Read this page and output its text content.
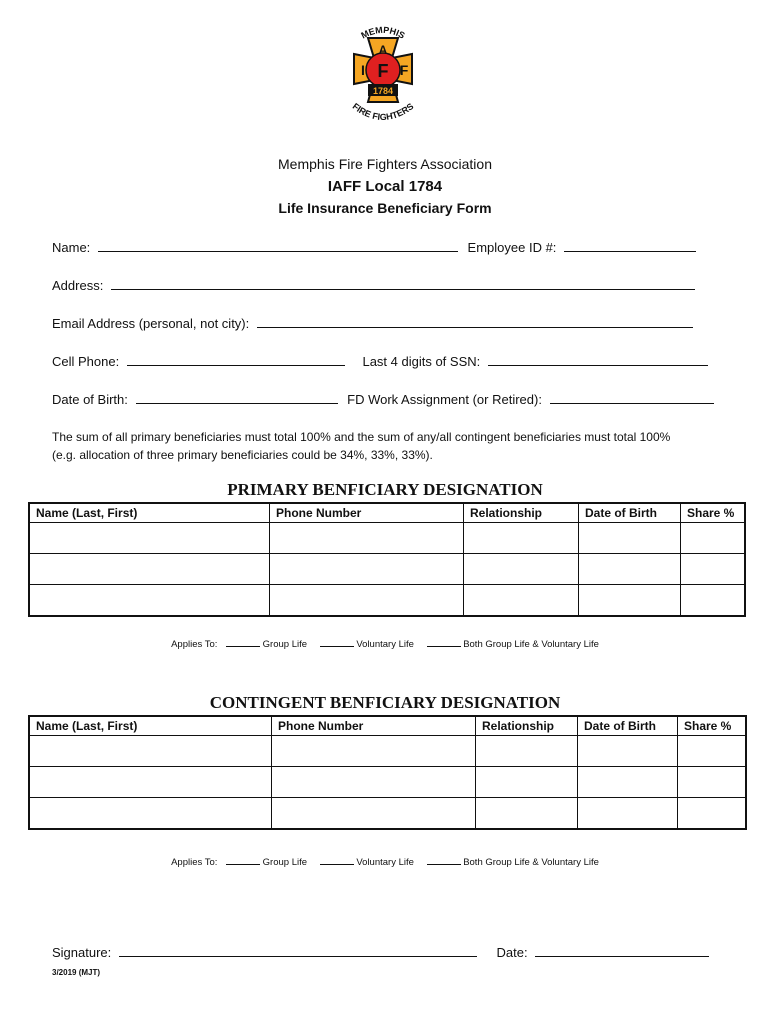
MEMPHIS
FIRE FIGHTERS
A
I F F
1784
Memphis Fire Fighters Association
IAFF Local 1784
Life Insurance Beneficiary Form
Name:	Employee ID #:
Address:
Email Address (personal, not city):
Cell Phone:	Last 4 digits of SSN:
Date of Birth:	FD Work Assignment (or Retired):
The sum of all primary beneficiaries must total 100% and the sum of any/all contingent beneficiaries must total 100%
(e.g. allocation of three primary beneficiaries could be 34%, 33%, 33%).
PRIMARY BENFICIARY DESIGNATION
Name (Last, First)	Phone Number	Relationship	Date of Birth	Share %

Applies To:	Group Life	Voluntary Life	Both Group Life & Voluntary Life
CONTINGENT BENFICIARY DESIGNATION
Name (Last, First)	Phone Number	Relationship	Date of Birth	Share %

Applies To:	Group Life	Voluntary Life	Both Group Life & Voluntary Life
Signature:	Date:
3/2019 (MJT)
